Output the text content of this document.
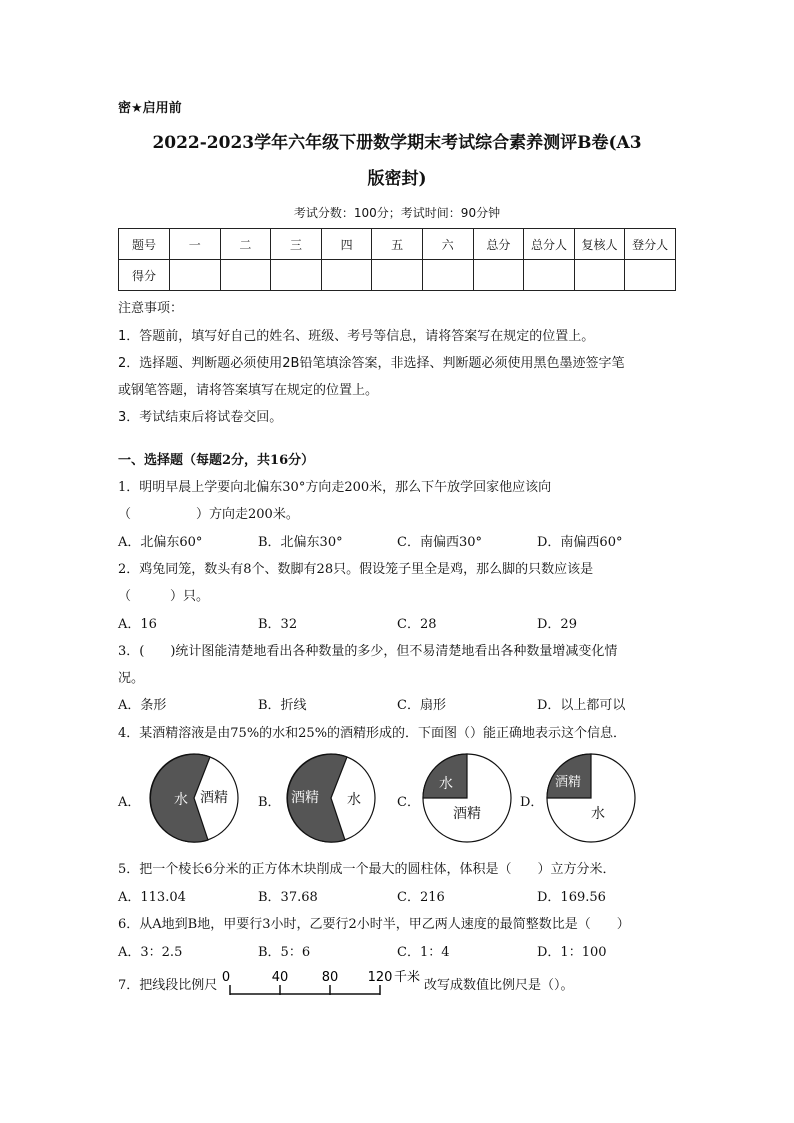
密★启用前
2022-2023学年六年级下册数学期末考试综合素养测评B卷(A3
版密封)
考试分数：100分；考试时间：90分钟
题号	一	二	三	四	五	六	总分	总分人	复核人	登分人
得分										
注意事项：
1．答题前，填写好自己的姓名、班级、考号等信息，请将答案写在规定的位置上。
2．选择题、判断题必须使用2B铅笔填涂答案，非选择、判断题必须使用黑色墨迹签字笔
或钢笔答题，请将答案填写在规定的位置上。
3．考试结束后将试卷交回。
一、选择题（每题2分，共16分）
1．明明早晨上学要向北偏东30°方向走200米，那么下午放学回家他应该向
（　　　　　）方向走200米。
A．北偏东60°	B．北偏东30°	C．南偏西30°	D．南偏西60°
2．鸡兔同笼，数头有8个、数脚有28只。假设笼子里全是鸡，那么脚的只数应该是
（　　　）只。
A．16	B．32	C．28	D．29
3．(　　)统计图能清楚地看出各种数量的多少，但不易清楚地看出各种数量增减变化情
况。
A．条形	B．折线	C．扇形	D．以上都可以
4．某酒精溶液是由75%的水和25%的酒精形成的．下面图（）能正确地表示这个信息．
A．	B．	C．	D．
水 酒精	酒精 水
水
酒精
酒精
水
5．把一个棱长6分米的正方体木块削成一个最大的圆柱体，体积是（　　）立方分米．
A．113.04	B．37.68	C．216	D．169.56
6．从A地到B地，甲要行3小时，乙要行2小时半，甲乙两人速度的最简整数比是（　　）
A．3：2.5	B．5：6	C．1：4	D．1：100
7．把线段比例尺
0	40	80 120 千米
改写成数值比例尺是（）。
